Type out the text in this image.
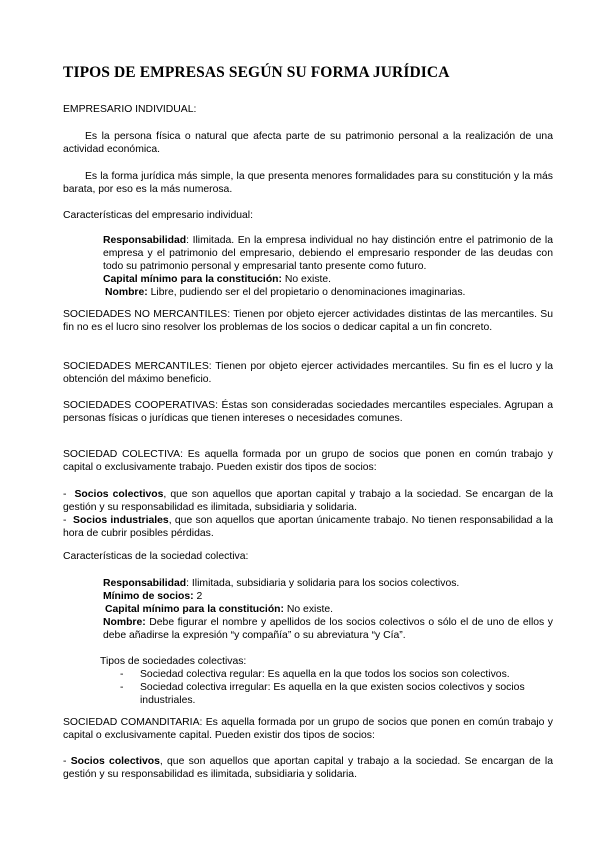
TIPOS DE EMPRESAS SEGÚN SU FORMA JURÍDICA

EMPRESARIO INDIVIDUAL:

Es la persona física o natural que afecta parte de su patrimonio personal a la realización de una actividad económica.

Es la forma jurídica más simple, la que presenta menores formalidades para su constitución y la más barata, por eso es la más numerosa.

Características del empresario individual:

Responsabilidad: Ilimitada. En la empresa individual no hay distinción entre el patrimonio de la empresa y el patrimonio del empresario, debiendo el empresario responder de las deudas con todo su patrimonio personal y empresarial tanto presente como futuro.
Capital mínimo para la constitución: No existe.
Nombre: Libre, pudiendo ser el del propietario o denominaciones imaginarias.

SOCIEDADES NO MERCANTILES: Tienen por objeto ejercer actividades distintas de las mercantiles. Su fin no es el lucro sino resolver los problemas de los socios o dedicar capital a un fin concreto.

SOCIEDADES MERCANTILES: Tienen por objeto ejercer actividades mercantiles. Su fin es el lucro y la obtención del máximo beneficio.

SOCIEDADES COOPERATIVAS: Éstas son consideradas sociedades mercantiles especiales. Agrupan a personas físicas o jurídicas que tienen intereses o necesidades comunes.

SOCIEDAD COLECTIVA: Es aquella formada por un grupo de socios que ponen en común trabajo y capital o exclusivamente trabajo. Pueden existir dos tipos de socios:

-  Socios colectivos, que son aquellos que aportan capital y trabajo a la sociedad. Se encargan de la gestión y su responsabilidad es ilimitada, subsidiaria y solidaria.
-  Socios industriales, que son aquellos que aportan únicamente trabajo. No tienen responsabilidad a la hora de cubrir posibles pérdidas.

Características de la sociedad colectiva:

Responsabilidad: Ilimitada, subsidiaria y solidaria para los socios colectivos.
Mínimo de socios: 2
Capital mínimo para la constitución: No existe.
Nombre: Debe figurar el nombre y apellidos de los socios colectivos o sólo el de uno de ellos y debe añadirse la expresión “y compañía” o su abreviatura “y Cía”.

Tipos de sociedades colectivas:

- Sociedad colectiva regular: Es aquella en la que todos los socios son colectivos.
- Sociedad colectiva irregular: Es aquella en la que existen socios colectivos y socios industriales.

SOCIEDAD COMANDITARIA: Es aquella formada por un grupo de socios que ponen en común trabajo y capital o exclusivamente capital. Pueden existir dos tipos de socios:

- Socios colectivos, que son aquellos que aportan capital y trabajo a la sociedad. Se encargan de la gestión y su responsabilidad es ilimitada, subsidiaria y solidaria.
